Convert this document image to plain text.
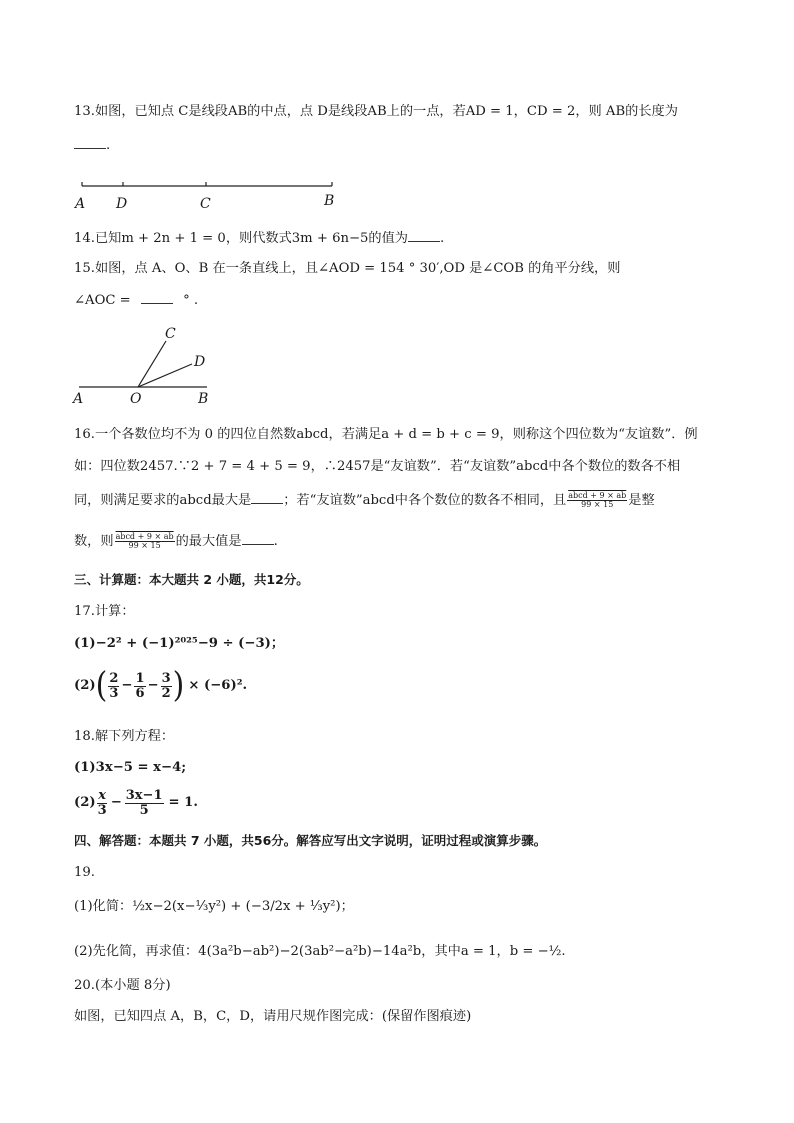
13.如图，已知点 C是线段AB的中点，点 D是线段AB上的一点，若AD = 1，CD = 2，则 AB的长度为
.
A D	C	B
14.已知m + 2n + 1 = 0，则代数式3m + 6n−5的值为 .
15.如图，点 A、O、B 在一条直线上，且∠AOD = 154 ° 30′,OD 是∠COB 的角平分线，则
∠AOC =	° .
C
D
A	O	B
16.一个各数位均不为 0 的四位自然数abcd，若满足a + d = b + c = 9，则称这个四位数为“友谊数”．例
如：四位数2457.∵2 + 7 = 4 + 5 = 9，∴2457是“友谊数”．若“友谊数”abcd中各个数位的数各不相
同，则满足要求的abcd最大是 ；若“友谊数”abcd中各个数位的数各不相同，且 $\frac{\text{abcd + 9 × ab}}{99 \times 15}$ 是整
数，则 $\frac{\text{abcd + 9 × ab}}{99 \times 15}$ 的最大值是 .
三、计算题：本大题共 2 小题，共12分。
17.计算：
(1)−2² + (−1)²⁰²⁵−9 ÷ (−3)；
(2) ( $\frac{2}{3} - \frac{1}{6} - \frac{3}{2}$ ) × (−6)².
18.解下列方程：
(1)3x−5 = x−4;
$(2) \frac{x}{3} - \frac{3x-1}{5} = 1$.
四、解答题：本题共 7 小题，共56分。解答应写出文字说明，证明过程或演算步骤。
19.
(1)化简：½x−2(x−⅓y²) + (−3/2x + ⅓y²)；
(2)先化简，再求值：4(3a²b−ab²)−2(3ab²−a²b)−14a²b，其中a = 1，b = −½.
20.(本小题 8分)
如图，已知四点 A，B，C，D，请用尺规作图完成：(保留作图痕迹)
